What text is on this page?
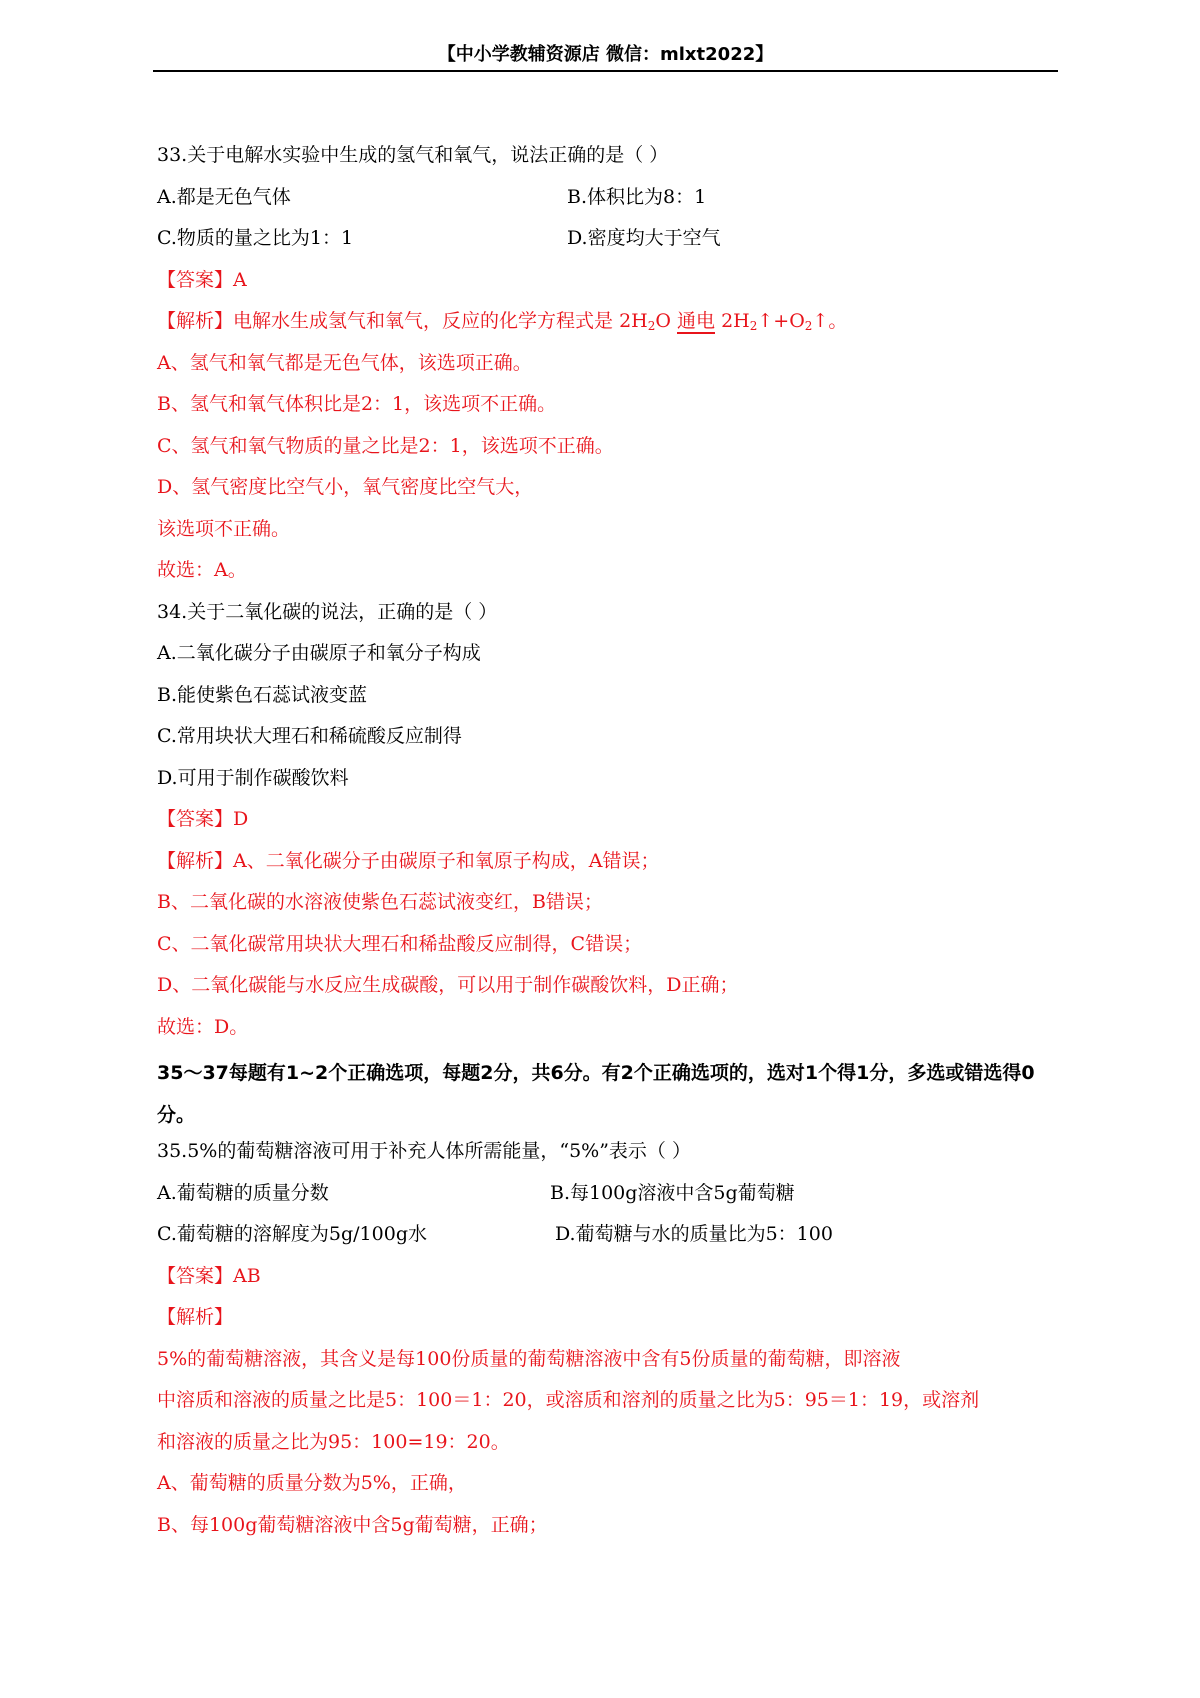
【中小学教辅资源店 微信：mlxt2022】
33.关于电解水实验中生成的氢气和氧气，说法正确的是（ ）
A.都是无色气体	B.体积比为8：1
C.物质的量之比为1：1	D.密度均大于空气
【答案】A
【解析】电解水生成氢气和氧气，反应的化学方程式是 $2H_2O$ 通电 $2H_2↑+O_2↑$。
A、氢气和氧气都是无色气体，该选项正确。
B、氢气和氧气体积比是2：1，该选项不正确。
C、氢气和氧气物质的量之比是2：1，该选项不正确。
D、氢气密度比空气小，氧气密度比空气大，
该选项不正确。
故选：A。
34.关于二氧化碳的说法，正确的是（ ）
A.二氧化碳分子由碳原子和氧分子构成
B.能使紫色石蕊试液变蓝
C.常用块状大理石和稀硫酸反应制得
D.可用于制作碳酸饮料
【答案】D
【解析】A、二氧化碳分子由碳原子和氧原子构成，A错误；
B、二氧化碳的水溶液使紫色石蕊试液变红，B错误；
C、二氧化碳常用块状大理石和稀盐酸反应制得，C错误；
D、二氧化碳能与水反应生成碳酸，可以用于制作碳酸饮料，D正确；
故选：D。
35～37每题有1~2个正确选项，每题2分，共6分。有2个正确选项的，选对1个得1分，多选或错选得0分。
35.5%的葡萄糖溶液可用于补充人体所需能量，“5%”表示（ ）
A.葡萄糖的质量分数	B.每100g溶液中含5g葡萄糖
C.葡萄糖的溶解度为5g/100g水	D.葡萄糖与水的质量比为5：100
【答案】AB
【解析】
5%的葡萄糖溶液，其含义是每100份质量的葡萄糖溶液中含有5份质量的葡萄糖，即溶液
中溶质和溶液的质量之比是5：100＝1：20，或溶质和溶剂的质量之比为5：95＝1：19，或溶剂
和溶液的质量之比为95：100=19：20。
A、葡萄糖的质量分数为5%，正确，
B、每100g葡萄糖溶液中含5g葡萄糖，正确；
